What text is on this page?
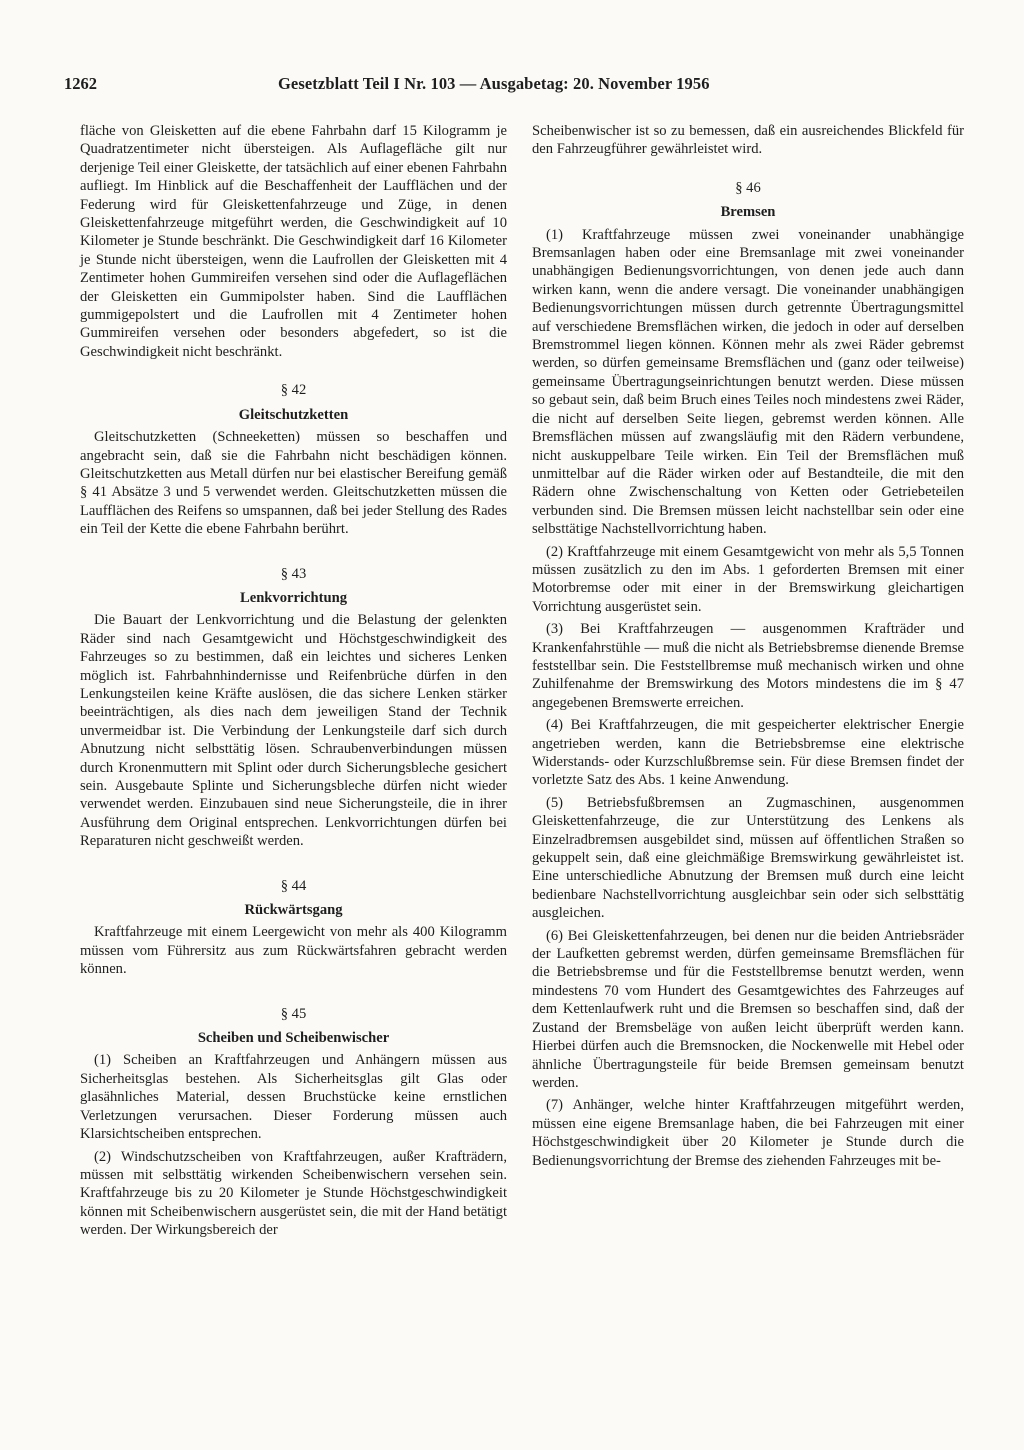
1262	Gesetzblatt Teil I Nr. 103 — Ausgabetag: 20. November 1956

fläche von Gleisketten auf die ebene Fahrbahn darf 15 Kilogramm je Quadratzentimeter nicht übersteigen. Als Auflagefläche gilt nur derjenige Teil einer Gleiskette, der tatsächlich auf einer ebenen Fahrbahn aufliegt. Im Hinblick auf die Beschaffenheit der Laufflächen und der Federung wird für Gleiskettenfahrzeuge und Züge, in denen Gleiskettenfahrzeuge mitgeführt werden, die Geschwindigkeit auf 10 Kilometer je Stunde beschränkt. Die Geschwindigkeit darf 16 Kilometer je Stunde nicht übersteigen, wenn die Laufrollen der Gleisketten mit 4 Zentimeter hohen Gummireifen versehen sind oder die Auflageflächen der Gleisketten ein Gummipolster haben. Sind die Laufflächen gummigepolstert und die Laufrollen mit 4 Zentimeter hohen Gummireifen versehen oder besonders abgefedert, so ist die Geschwindigkeit nicht beschränkt.

§ 42
Gleitschutzketten

Gleitschutzketten (Schneeketten) müssen so beschaffen und angebracht sein, daß sie die Fahrbahn nicht beschädigen können. Gleitschutzketten aus Metall dürfen nur bei elastischer Bereifung gemäß § 41 Absätze 3 und 5 verwendet werden. Gleitschutzketten müssen die Laufflächen des Reifens so umspannen, daß bei jeder Stellung des Rades ein Teil der Kette die ebene Fahrbahn berührt.

§ 43
Lenkvorrichtung

Die Bauart der Lenkvorrichtung und die Belastung der gelenkten Räder sind nach Gesamtgewicht und Höchstgeschwindigkeit des Fahrzeuges so zu bestimmen, daß ein leichtes und sicheres Lenken möglich ist. Fahrbahnhindernisse und Reifenbrüche dürfen in den Lenkungsteilen keine Kräfte auslösen, die das sichere Lenken stärker beeinträchtigen, als dies nach dem jeweiligen Stand der Technik unvermeidbar ist. Die Verbindung der Lenkungsteile darf sich durch Abnutzung nicht selbsttätig lösen. Schraubenverbindungen müssen durch Kronenmuttern mit Splint oder durch Sicherungsbleche gesichert sein. Ausgebaute Splinte und Sicherungsbleche dürfen nicht wieder verwendet werden. Einzubauen sind neue Sicherungsteile, die in ihrer Ausführung dem Original entsprechen. Lenkvorrichtungen dürfen bei Reparaturen nicht geschweißt werden.

§ 44
Rückwärtsgang

Kraftfahrzeuge mit einem Leergewicht von mehr als 400 Kilogramm müssen vom Führersitz aus zum Rückwärtsfahren gebracht werden können.

§ 45
Scheiben und Scheibenwischer

(1) Scheiben an Kraftfahrzeugen und Anhängern müssen aus Sicherheitsglas bestehen. Als Sicherheitsglas gilt Glas oder glasähnliches Material, dessen Bruchstücke keine ernstlichen Verletzungen verursachen. Dieser Forderung müssen auch Klarsichtscheiben entsprechen.

(2) Windschutzscheiben von Kraftfahrzeugen, außer Krafträdern, müssen mit selbsttätig wirkenden Scheibenwischern versehen sein. Kraftfahrzeuge bis zu 20 Kilometer je Stunde Höchstgeschwindigkeit können mit Scheibenwischern ausgerüstet sein, die mit der Hand betätigt werden. Der Wirkungsbereich der

Scheibenwischer ist so zu bemessen, daß ein ausreichendes Blickfeld für den Fahrzeugführer gewährleistet wird.

§ 46
Bremsen

(1) Kraftfahrzeuge müssen zwei voneinander unabhängige Bremsanlagen haben oder eine Bremsanlage mit zwei voneinander unabhängigen Bedienungsvorrichtungen, von denen jede auch dann wirken kann, wenn die andere versagt. Die voneinander unabhängigen Bedienungsvorrichtungen müssen durch getrennte Übertragungsmittel auf verschiedene Bremsflächen wirken, die jedoch in oder auf derselben Bremstrommel liegen können. Können mehr als zwei Räder gebremst werden, so dürfen gemeinsame Bremsflächen und (ganz oder teilweise) gemeinsame Übertragungseinrichtungen benutzt werden. Diese müssen so gebaut sein, daß beim Bruch eines Teiles noch mindestens zwei Räder, die nicht auf derselben Seite liegen, gebremst werden können. Alle Bremsflächen müssen auf zwangsläufig mit den Rädern verbundene, nicht auskuppelbare Teile wirken. Ein Teil der Bremsflächen muß unmittelbar auf die Räder wirken oder auf Bestandteile, die mit den Rädern ohne Zwischenschaltung von Ketten oder Getriebeteilen verbunden sind. Die Bremsen müssen leicht nachstellbar sein oder eine selbsttätige Nachstellvorrichtung haben.

(2) Kraftfahrzeuge mit einem Gesamtgewicht von mehr als 5,5 Tonnen müssen zusätzlich zu den im Abs. 1 geforderten Bremsen mit einer Motorbremse oder mit einer in der Bremswirkung gleichartigen Vorrichtung ausgerüstet sein.

(3) Bei Kraftfahrzeugen — ausgenommen Krafträder und Krankenfahrstühle — muß die nicht als Betriebsbremse dienende Bremse feststellbar sein. Die Feststellbremse muß mechanisch wirken und ohne Zuhilfenahme der Bremswirkung des Motors mindestens die im § 47 angegebenen Bremswerte erreichen.

(4) Bei Kraftfahrzeugen, die mit gespeicherter elektrischer Energie angetrieben werden, kann die Betriebsbremse eine elektrische Widerstands- oder Kurzschlußbremse sein. Für diese Bremsen findet der vorletzte Satz des Abs. 1 keine Anwendung.

(5) Betriebsfußbremsen an Zugmaschinen, ausgenommen Gleiskettenfahrzeuge, die zur Unterstützung des Lenkens als Einzelradbremsen ausgebildet sind, müssen auf öffentlichen Straßen so gekuppelt sein, daß eine gleichmäßige Bremswirkung gewährleistet ist. Eine unterschiedliche Abnutzung der Bremsen muß durch eine leicht bedienbare Nachstellvorrichtung ausgleichbar sein oder sich selbsttätig ausgleichen.

(6) Bei Gleiskettenfahrzeugen, bei denen nur die beiden Antriebsräder der Laufketten gebremst werden, dürfen gemeinsame Bremsflächen für die Betriebsbremse und für die Feststellbremse benutzt werden, wenn mindestens 70 vom Hundert des Gesamtgewichtes des Fahrzeuges auf dem Kettenlaufwerk ruht und die Bremsen so beschaffen sind, daß der Zustand der Bremsbeläge von außen leicht überprüft werden kann. Hierbei dürfen auch die Bremsnocken, die Nockenwelle mit Hebel oder ähnliche Übertragungsteile für beide Bremsen gemeinsam benutzt werden.

(7) Anhänger, welche hinter Kraftfahrzeugen mitgeführt werden, müssen eine eigene Bremsanlage haben, die bei Fahrzeugen mit einer Höchstgeschwindigkeit über 20 Kilometer je Stunde durch die Bedienungsvorrichtung der Bremse des ziehenden Fahrzeuges mit be-
